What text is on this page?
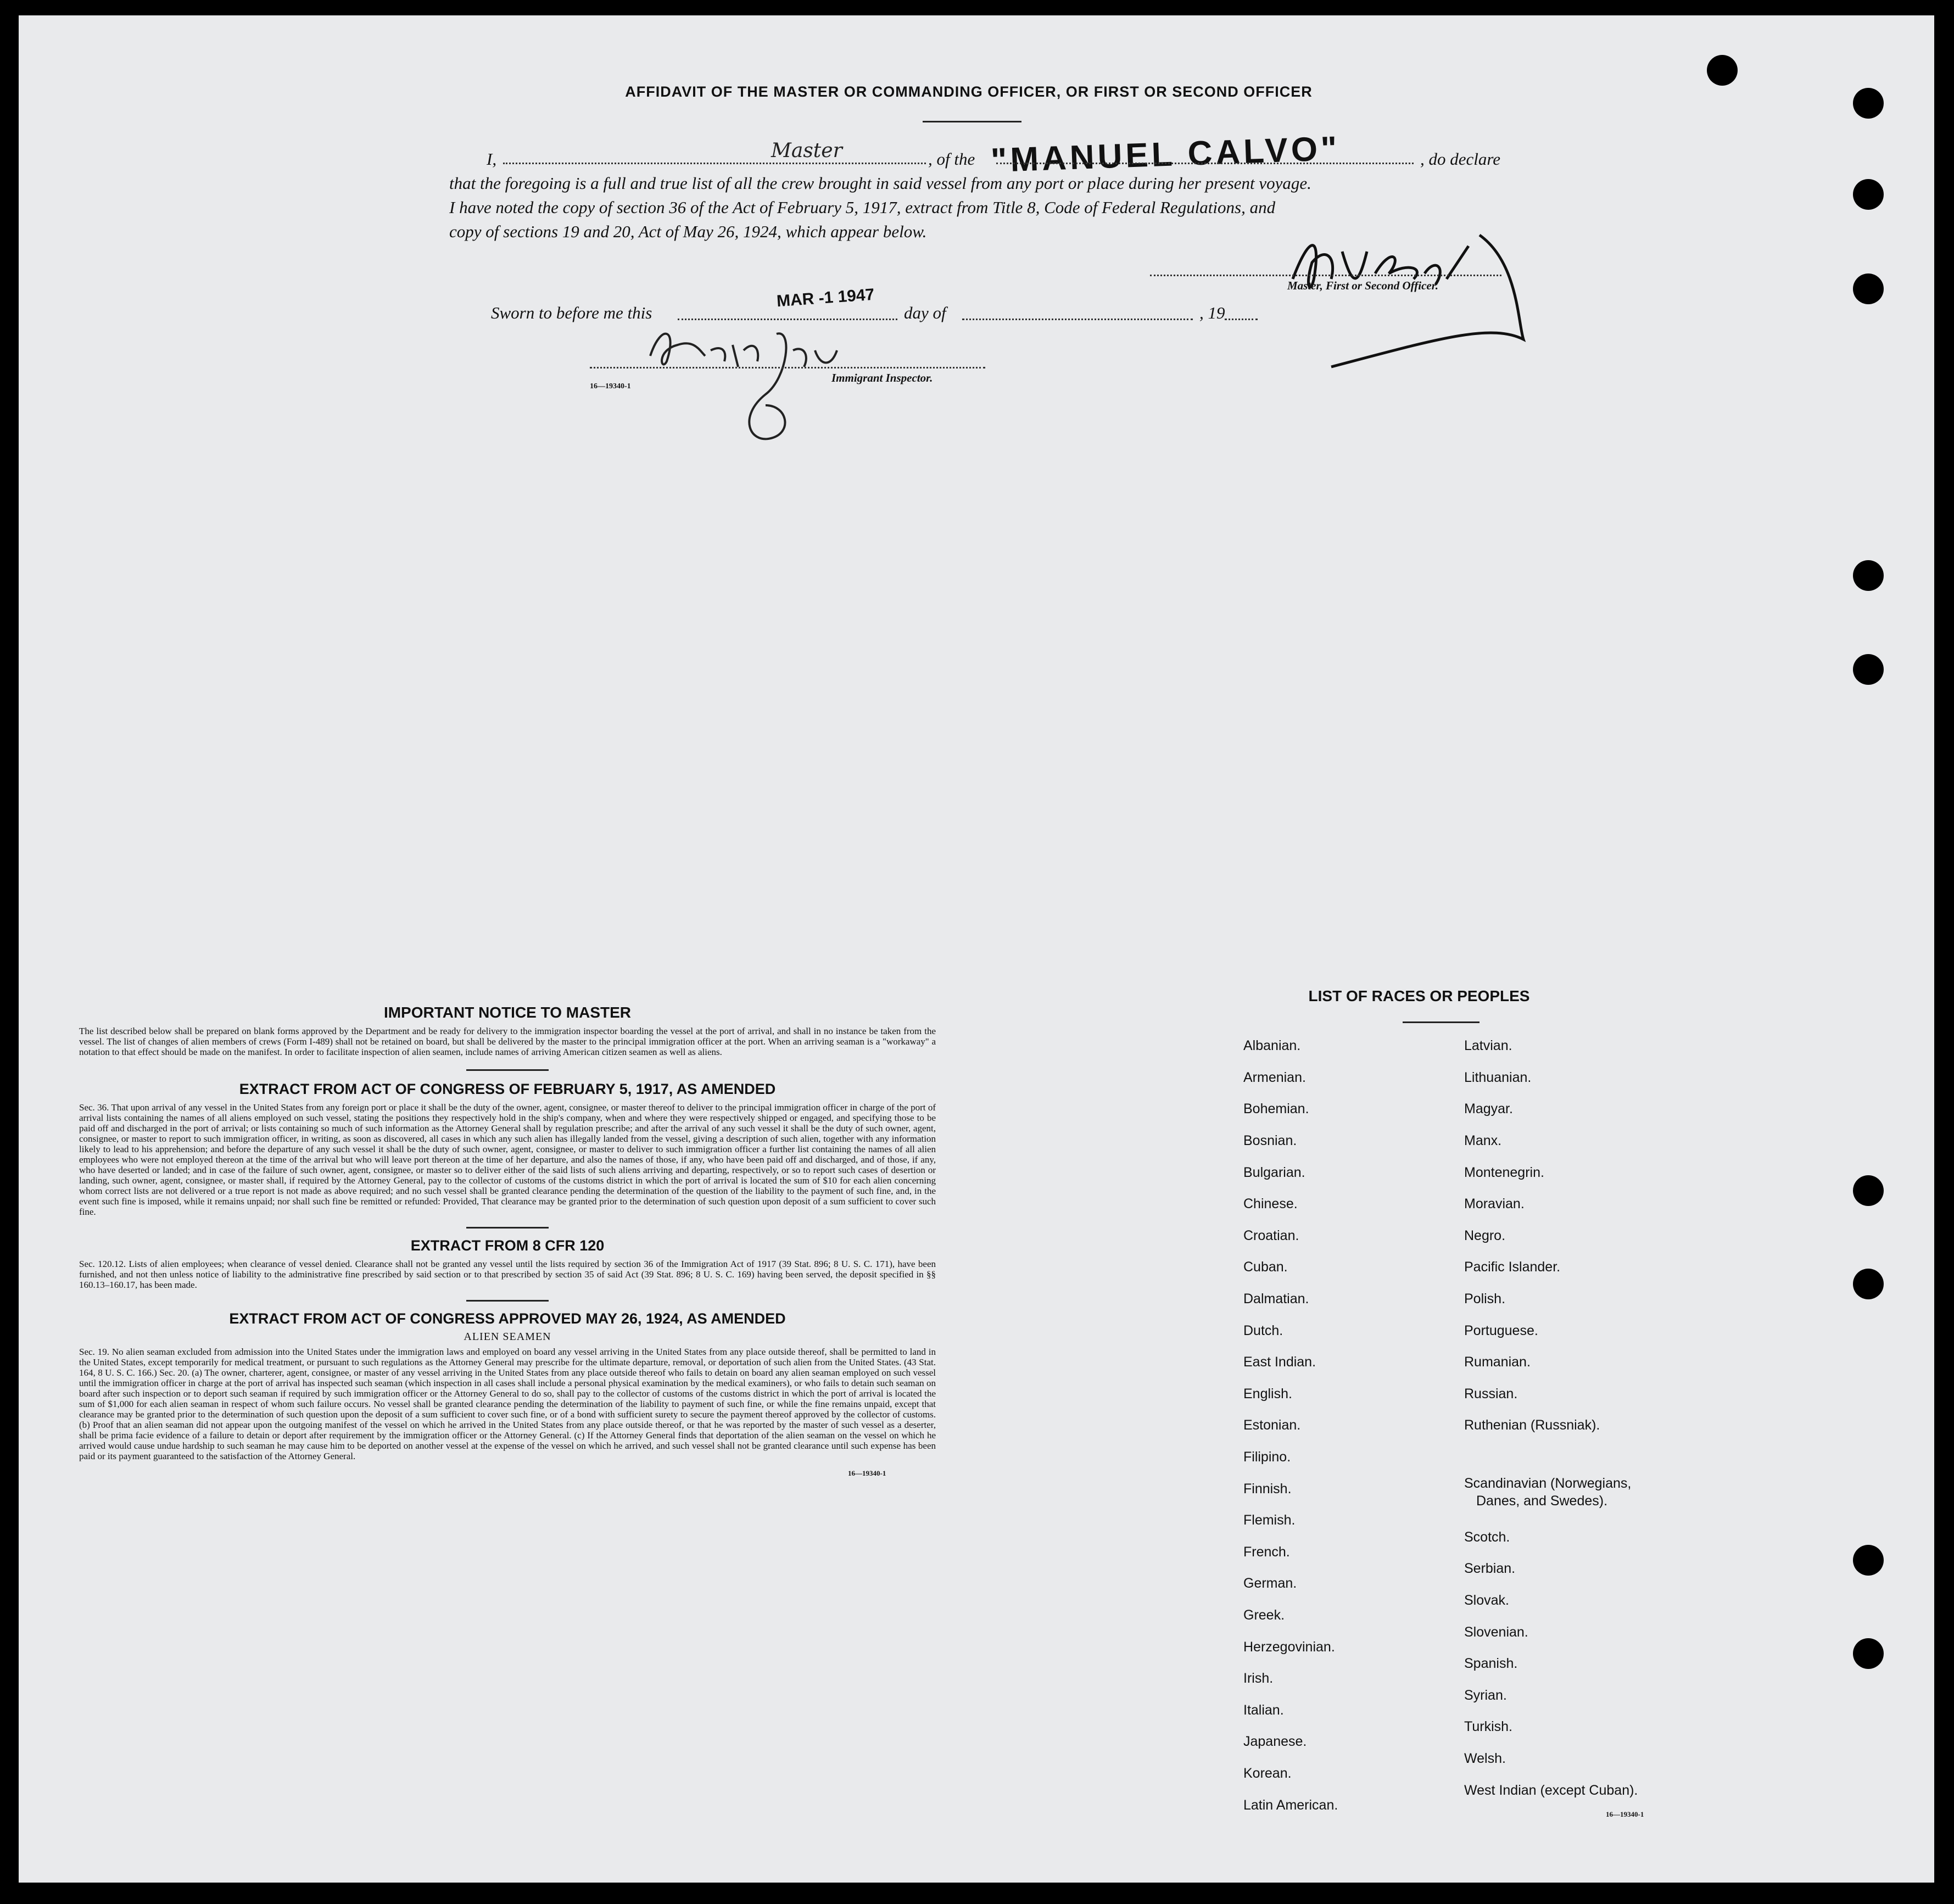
AFFIDAVIT OF THE MASTER OR COMMANDING OFFICER, OR FIRST OR SECOND OFFICER
I,	Master	, of the "MANUEL CALVO"	, do declare
that the foregoing is a full and true list of all the crew brought in said vessel from any port or place during her present voyage.
I have noted the copy of section 36 of the Act of February 5, 1917, extract from Title 8, Code of Federal Regulations, and
copy of sections 19 and 20, Act of May 26, 1924, which appear below.
Master, First or Second Officer.
Sworn to before me this
MAR -1 1947
day of	, 19
16—19340-1
Immigrant Inspector.
IMPORTANT NOTICE TO MASTER

The list described below shall be prepared on blank forms approved by the Department and be ready for delivery to the immigration inspector boarding the vessel at the port of arrival, and shall in no instance be taken from the vessel. The list of changes of alien members of crews (Form I-489) shall not be retained on board, but shall be delivered by the master to the principal immigration officer at the port. When an arriving seaman is a "workaway" a notation to that effect should be made on the manifest. In order to facilitate inspection of alien seamen, include names of arriving American citizen seamen as well as aliens.

EXTRACT FROM ACT OF CONGRESS OF FEBRUARY 5, 1917, AS AMENDED

Sec. 36. That upon arrival of any vessel in the United States from any foreign port or place it shall be the duty of the owner, agent, consignee, or master thereof to deliver to the principal immigration officer in charge of the port of arrival lists containing the names of all aliens employed on such vessel, stating the positions they respectively hold in the ship's company, when and where they were respectively shipped or engaged, and specifying those to be paid off and discharged in the port of arrival; or lists containing so much of such information as the Attorney General shall by regulation prescribe; and after the arrival of any such vessel it shall be the duty of such owner, agent, consignee, or master to report to such immigration officer, in writing, as soon as discovered, all cases in which any such alien has illegally landed from the vessel, giving a description of such alien, together with any information likely to lead to his apprehension; and before the departure of any such vessel it shall be the duty of such owner, agent, consignee, or master to deliver to such immigration officer a further list containing the names of all alien employees who were not employed thereon at the time of the arrival but who will leave port thereon at the time of her departure, and also the names of those, if any, who have been paid off and discharged, and of those, if any, who have deserted or landed; and in case of the failure of such owner, agent, consignee, or master so to deliver either of the said lists of such aliens arriving and departing, respectively, or so to report such cases of desertion or landing, such owner, agent, consignee, or master shall, if required by the Attorney General, pay to the collector of customs of the customs district in which the port of arrival is located the sum of $10 for each alien concerning whom correct lists are not delivered or a true report is not made as above required; and no such vessel shall be granted clearance pending the determination of the question of the liability to the payment of such fine, and, in the event such fine is imposed, while it remains unpaid; nor shall such fine be remitted or refunded: Provided, That clearance may be granted prior to the determination of such question upon deposit of a sum sufficient to cover such fine.

EXTRACT FROM 8 CFR 120

Sec. 120.12. Lists of alien employees; when clearance of vessel denied. Clearance shall not be granted any vessel until the lists required by section 36 of the Immigration Act of 1917 (39 Stat. 896; 8 U. S. C. 171), have been furnished, and not then unless notice of liability to the administrative fine prescribed by said section or to that prescribed by section 35 of said Act (39 Stat. 896; 8 U. S. C. 169) having been served, the deposit specified in §§ 160.13–160.17, has been made.

EXTRACT FROM ACT OF CONGRESS APPROVED MAY 26, 1924, AS AMENDED
ALIEN SEAMEN

Sec. 19. No alien seaman excluded from admission into the United States under the immigration laws and employed on board any vessel arriving in the United States from any place outside thereof, shall be permitted to land in the United States, except temporarily for medical treatment, or pursuant to such regulations as the Attorney General may prescribe for the ultimate departure, removal, or deportation of such alien from the United States. (43 Stat. 164, 8 U. S. C. 166.) Sec. 20. (a) The owner, charterer, agent, consignee, or master of any vessel arriving in the United States from any place outside thereof who fails to detain on board any alien seaman employed on such vessel until the immigration officer in charge at the port of arrival has inspected such seaman (which inspection in all cases shall include a personal physical examination by the medical examiners), or who fails to detain such seaman on board after such inspection or to deport such seaman if required by such immigration officer or the Attorney General to do so, shall pay to the collector of customs of the customs district in which the port of arrival is located the sum of $1,000 for each alien seaman in respect of whom such failure occurs. No vessel shall be granted clearance pending the determination of the liability to payment of such fine, or while the fine remains unpaid, except that clearance may be granted prior to the determination of such question upon the deposit of a sum sufficient to cover such fine, or of a bond with sufficient surety to secure the payment thereof approved by the collector of customs. (b) Proof that an alien seaman did not appear upon the outgoing manifest of the vessel on which he arrived in the United States from any place outside thereof, or that he was reported by the master of such vessel as a deserter, shall be prima facie evidence of a failure to detain or deport after requirement by the immigration officer or the Attorney General. (c) If the Attorney General finds that deportation of the alien seaman on the vessel on which he arrived would cause undue hardship to such seaman he may cause him to be deported on another vessel at the expense of the vessel on which he arrived, and such vessel shall not be granted clearance until such expense has been paid or its payment guaranteed to the satisfaction of the Attorney General.

16—19340-1
LIST OF RACES OR PEOPLES
Albanian.
Armenian.
Bohemian.
Bosnian.
Bulgarian.
Chinese.
Croatian.
Cuban.
Dalmatian.
Dutch.
East Indian.
English.
Estonian.
Filipino.
Finnish.
Flemish.
French.
German.
Greek.
Herzegovinian.
Irish.
Italian.
Japanese.
Korean.
Latin American.
Latvian.
Lithuanian.
Magyar.
Manx.
Montenegrin.
Moravian.
Negro.
Pacific Islander.
Polish.
Portuguese.
Rumanian.
Russian.
Ruthenian (Russniak).
Scandinavian (Norwegians,
Danes, and Swedes).
Scotch.
Serbian.
Slovak.
Slovenian.
Spanish.
Syrian.
Turkish.
Welsh.
West Indian (except Cuban).
16—19340-1
